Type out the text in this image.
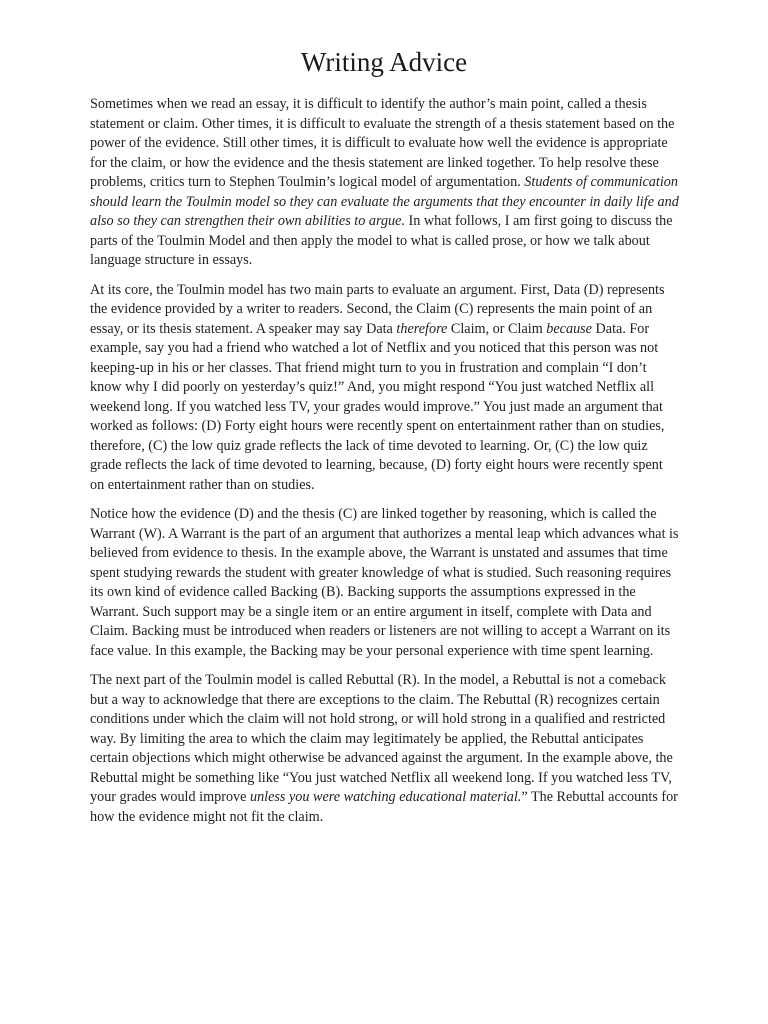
Writing Advice

Sometimes when we read an essay, it is difficult to identify the author’s main point, called a thesis statement or claim. Other times, it is difficult to evaluate the strength of a thesis statement based on the power of the evidence. Still other times, it is difficult to evaluate how well the evidence is appropriate for the claim, or how the evidence and the thesis statement are linked together. To help resolve these problems, critics turn to Stephen Toulmin’s logical model of argumentation. Students of communication should learn the Toulmin model so they can evaluate the arguments that they encounter in daily life and also so they can strengthen their own abilities to argue. In what follows, I am first going to discuss the parts of the Toulmin Model and then apply the model to what is called prose, or how we talk about language structure in essays.

At its core, the Toulmin model has two main parts to evaluate an argument. First, Data (D) represents the evidence provided by a writer to readers. Second, the Claim (C) represents the main point of an essay, or its thesis statement. A speaker may say Data therefore Claim, or Claim because Data. For example, say you had a friend who watched a lot of Netflix and you noticed that this person was not keeping-up in his or her classes. That friend might turn to you in frustration and complain “I don’t know why I did poorly on yesterday’s quiz!” And, you might respond “You just watched Netflix all weekend long. If you watched less TV, your grades would improve.” You just made an argument that worked as follows: (D) Forty eight hours were recently spent on entertainment rather than on studies, therefore, (C) the low quiz grade reflects the lack of time devoted to learning. Or, (C) the low quiz grade reflects the lack of time devoted to learning, because, (D) forty eight hours were recently spent on entertainment rather than on studies.

Notice how the evidence (D) and the thesis (C) are linked together by reasoning, which is called the Warrant (W). A Warrant is the part of an argument that authorizes a mental leap which advances what is believed from evidence to thesis. In the example above, the Warrant is unstated and assumes that time spent studying rewards the student with greater knowledge of what is studied. Such reasoning requires its own kind of evidence called Backing (B). Backing supports the assumptions expressed in the Warrant. Such support may be a single item or an entire argument in itself, complete with Data and Claim. Backing must be introduced when readers or listeners are not willing to accept a Warrant on its face value. In this example, the Backing may be your personal experience with time spent learning.

The next part of the Toulmin model is called Rebuttal (R). In the model, a Rebuttal is not a comeback but a way to acknowledge that there are exceptions to the claim. The Rebuttal (R) recognizes certain conditions under which the claim will not hold strong, or will hold strong in a qualified and restricted way. By limiting the area to which the claim may legitimately be applied, the Rebuttal anticipates certain objections which might otherwise be advanced against the argument. In the example above, the Rebuttal might be something like “You just watched Netflix all weekend long. If you watched less TV, your grades would improve unless you were watching educational material.” The Rebuttal accounts for how the evidence might not fit the claim.
